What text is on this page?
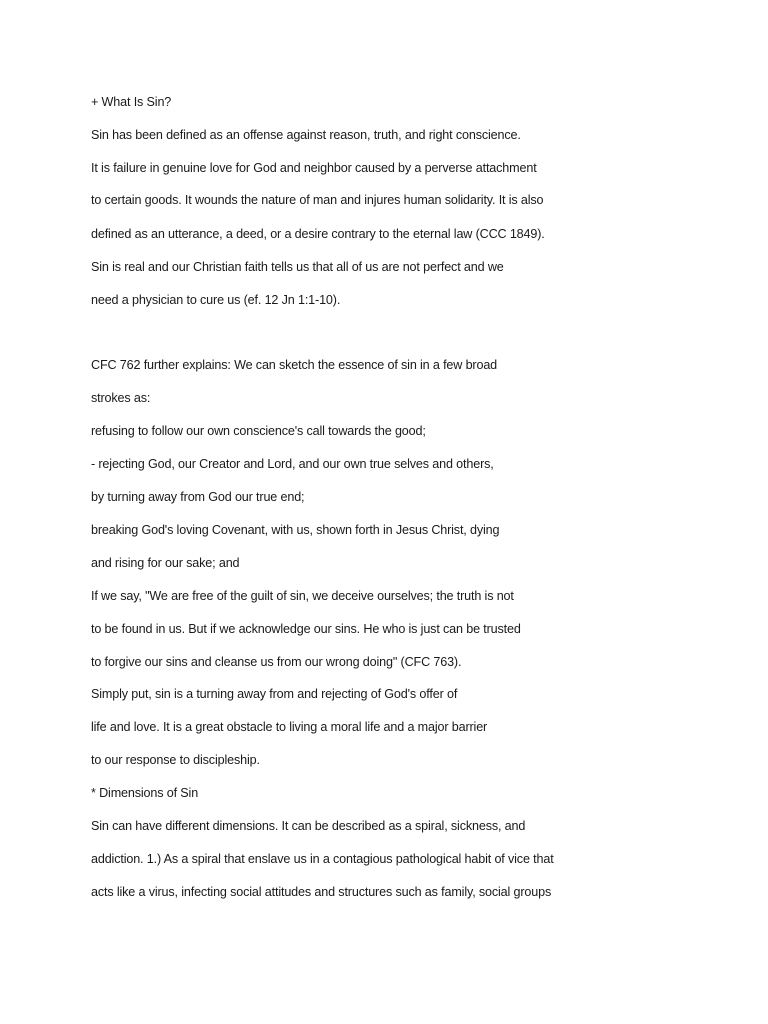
+ What Is Sin?
Sin has been defined as an offense against reason, truth, and right conscience.
It is failure in genuine love for God and neighbor caused by a perverse attachment
to certain goods. It wounds the nature of man and injures human solidarity. It is also
defined as an utterance, a deed, or a desire contrary to the eternal law (CCC 1849).
Sin is real and our Christian faith tells us that all of us are not perfect and we
need a physician to cure us (ef. 12 Jn 1:1-10).
CFC 762 further explains: We can sketch the essence of sin in a few broad
strokes as:
refusing to follow our own conscience's call towards the good;
- rejecting God, our Creator and Lord, and our own true selves and others,
by turning away from God our true end;
breaking God's loving Covenant, with us, shown forth in Jesus Christ, dying
and rising for our sake; and
If we say, "We are free of the guilt of sin, we deceive ourselves; the truth is not
to be found in us. But if we acknowledge our sins. He who is just can be trusted
to forgive our sins and cleanse us from our wrong doing" (CFC 763).
Simply put, sin is a turning away from and rejecting of God's offer of
life and love. It is a great obstacle to living a moral life and a major barrier
to our response to discipleship.
* Dimensions of Sin
Sin can have different dimensions. It can be described as a spiral, sickness, and
addiction. 1.) As a spiral that enslave us in a contagious pathological habit of vice that
acts like a virus, infecting social attitudes and structures such as family, social groups
